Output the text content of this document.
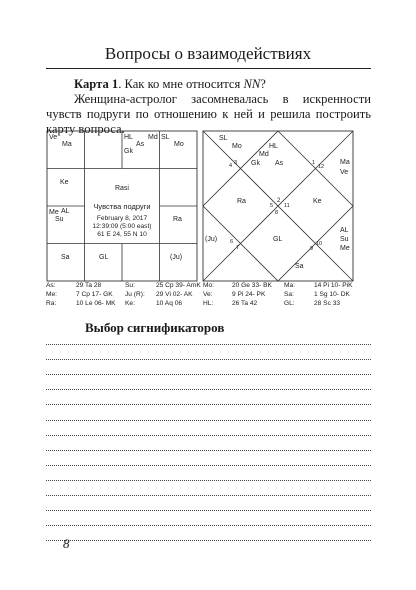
Вопросы о взаимодействиях
Карта 1. Как ко мне относится NN?
Женщина-астролог засомневалась в искренности чувств подруги по отношению к ней и решила построить карту вопроса.
Ve
Ma
HL
As
Gk
Md SL
Mo
Ke
Me AL
Su	Ra
Sa	GL	(Ju)
Rasi
Чувства подруги
February 8, 2017
12:39:09 (5:00 east)
61 E 24, 55 N 10
SL
Mo	HL
Md
Gk As
4 3	1
12
Ma
Ve
Ra	2
5 11
8
Ke
(Ju) 6
7
GL
10
9
AL
Su
Me
Sa
As:	29 Ta 28	Su:	25 Cp 39- AmK Mo:	20 Ge 33- BK Ma:	14 Pi 10- PiK
Me:	7 Cp 17- GK Ju (R): 29 Vi 02- AK Ve:	9 Pi 24- PK	Sa:	1 Sg 10- DK
Ra:	10 Le 06- MK Ke:	10 Aq 06	HL:	26 Ta 42	GL:	28 Sc 33
Выбор сигнификаторов
8
